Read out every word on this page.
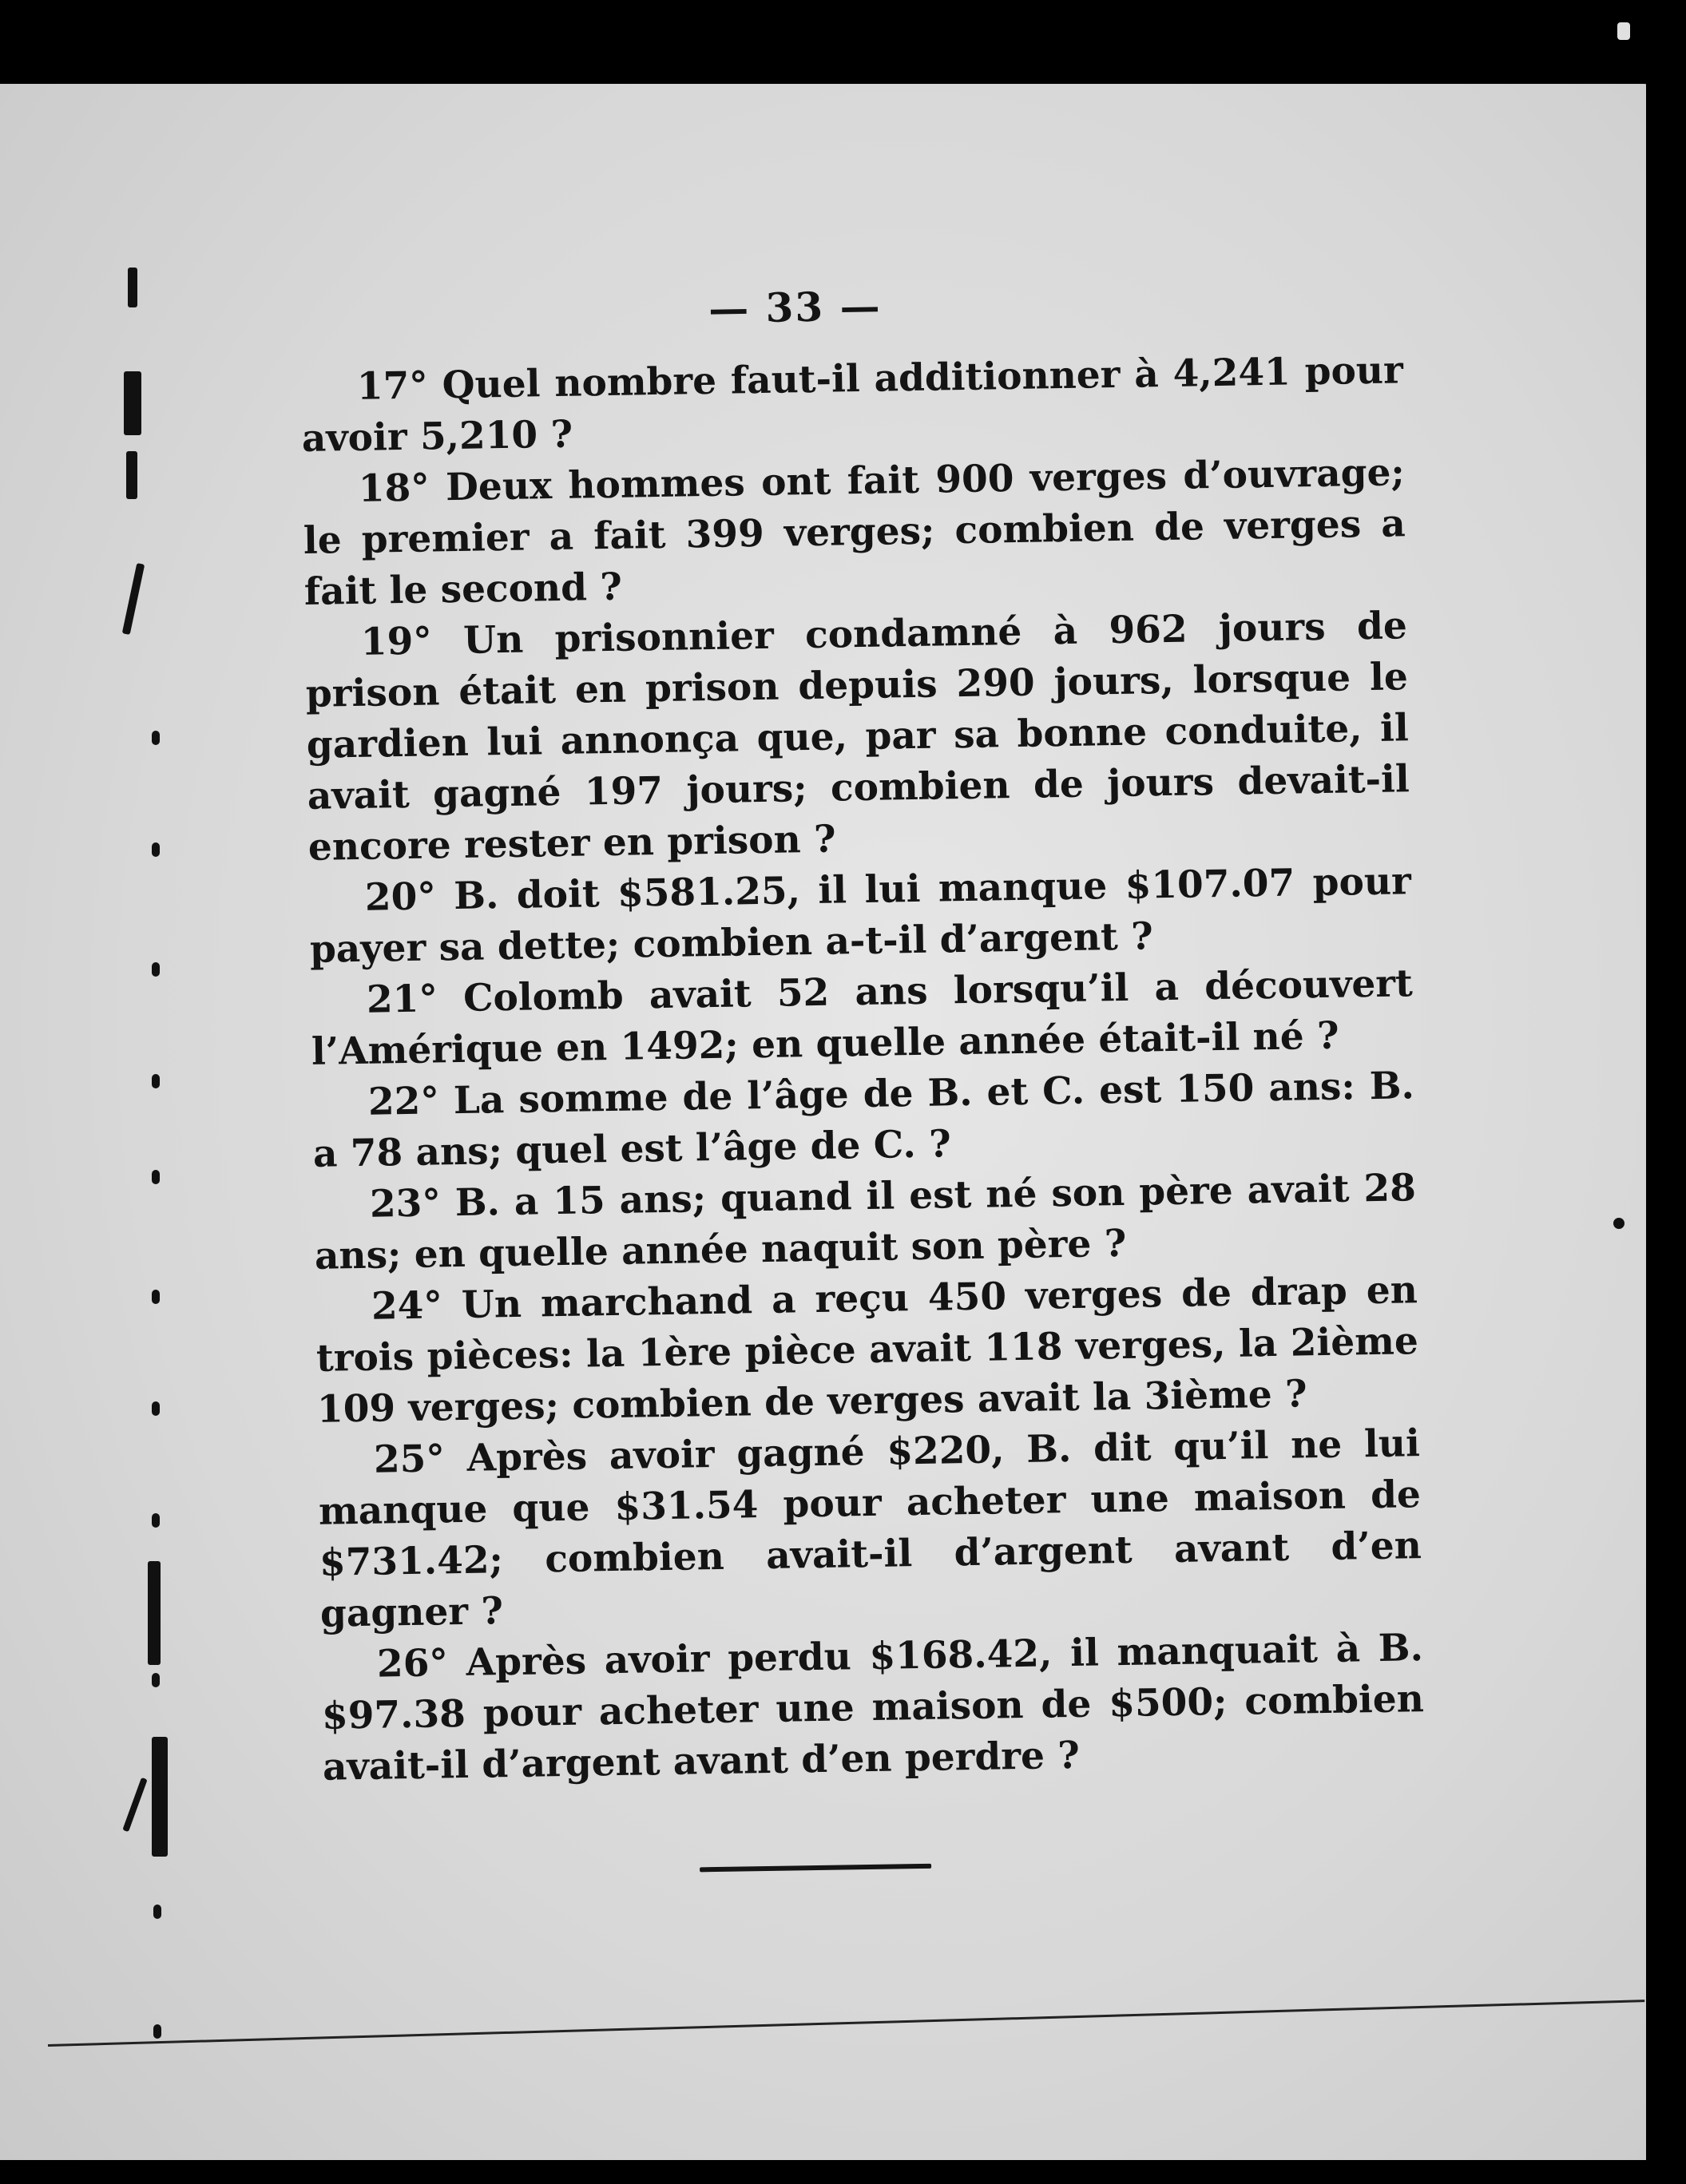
— 33 —

17° Quel nombre faut-il additionner à 4,241 pour avoir 5,210 ?

18° Deux hommes ont fait 900 verges d’ouvrage; le premier a fait 399 verges; combien de verges a fait le second ?

19° Un prisonnier condamné à 962 jours de prison était en prison depuis 290 jours, lorsque le gardien lui annonça que, par sa bonne conduite, il avait gagné 197 jours; combien de jours devait-il encore rester en prison ?

20° B. doit $581.25, il lui manque $107.07 pour payer sa dette; combien a-t-il d’argent ?

21° Colomb avait 52 ans lorsqu’il a découvert l’Amérique en 1492; en quelle année était-il né ?

22° La somme de l’âge de B. et C. est 150 ans: B. a 78 ans; quel est l’âge de C. ?

23° B. a 15 ans; quand il est né son père avait 28 ans; en quelle année naquit son père ?

24° Un marchand a reçu 450 verges de drap en trois pièces: la 1ère pièce avait 118 verges, la 2ième 109 verges; combien de verges avait la 3ième ?

25° Après avoir gagné $220, B. dit qu’il ne lui manque que $31.54 pour acheter une maison de $731.42; combien avait-il d’argent avant d’en gagner ?

26° Après avoir perdu $168.42, il manquait à B. $97.38 pour acheter une maison de $500; combien avait-il d’argent avant d’en perdre ?
